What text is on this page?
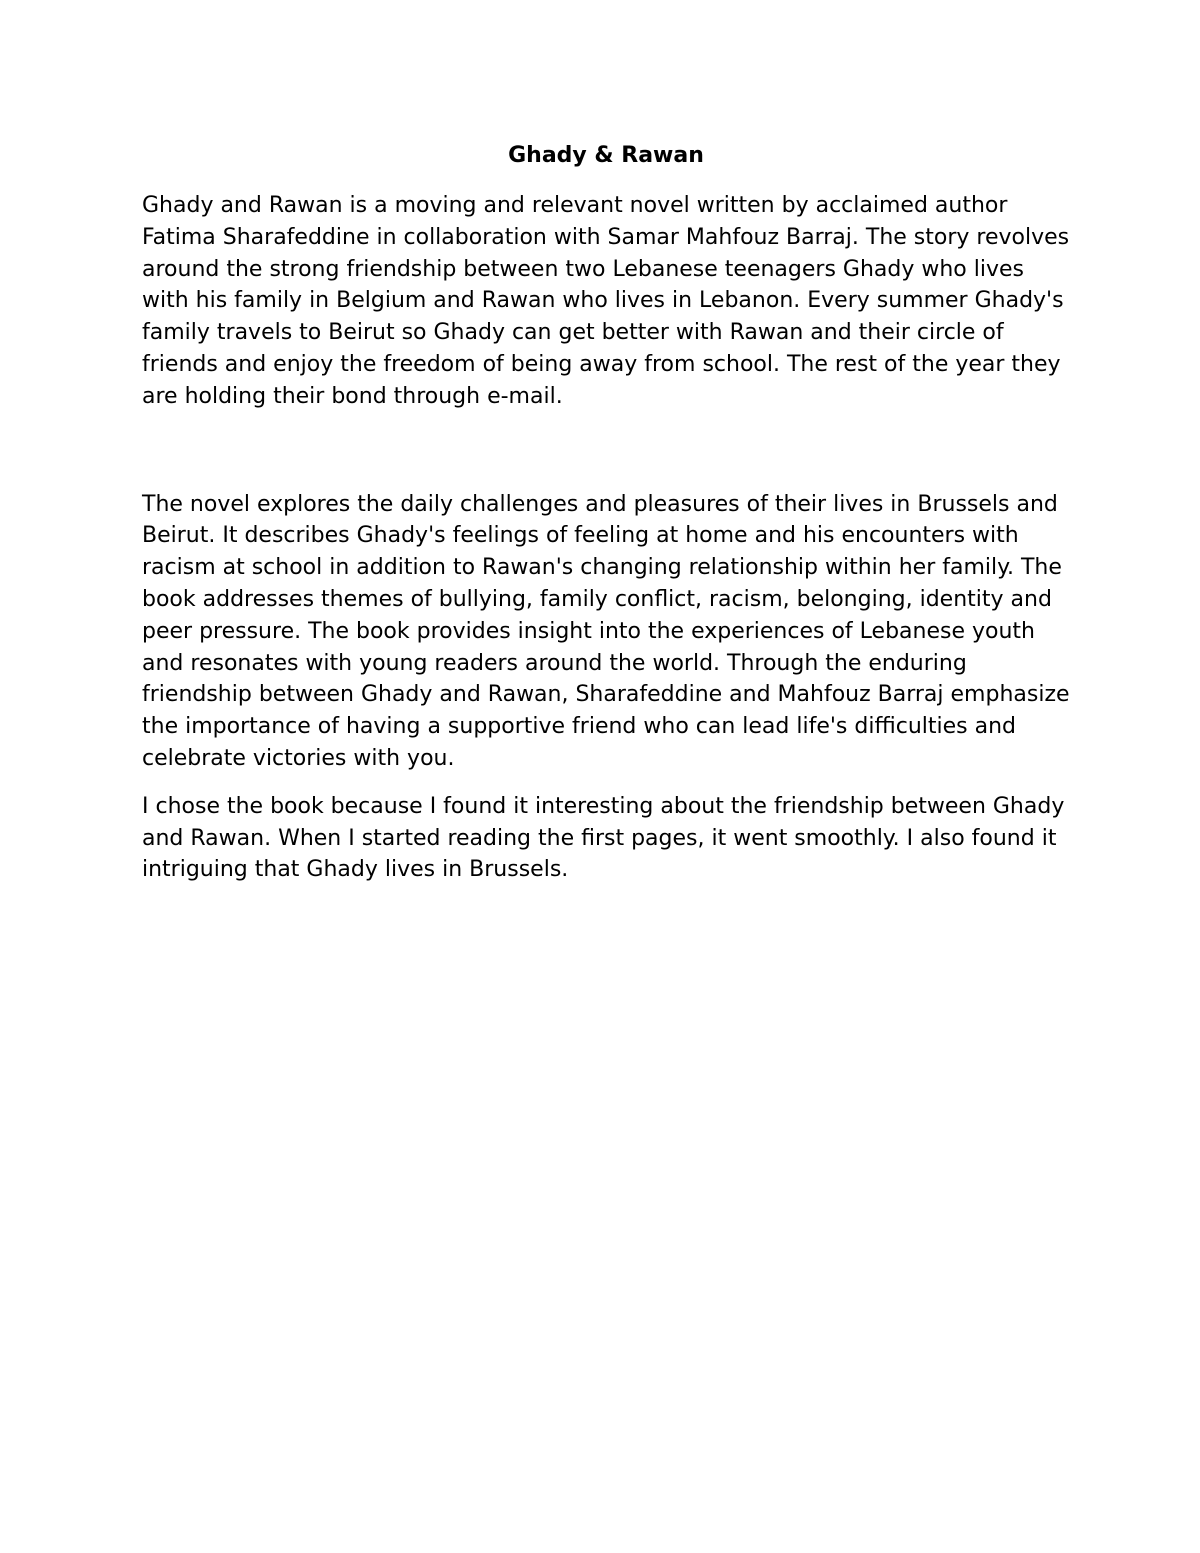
Ghady & Rawan

Ghady and Rawan is a moving and relevant novel written by acclaimed author Fatima Sharafeddine in collaboration with Samar Mahfouz Barraj. The story revolves around the strong friendship between two Lebanese teenagers Ghady who lives with his family in Belgium and Rawan who lives in Lebanon. Every summer Ghady's family travels to Beirut so Ghady can get better with Rawan and their circle of friends and enjoy the freedom of being away from school. The rest of the year they are holding their bond through e-mail.

The novel explores the daily challenges and pleasures of their lives in Brussels and Beirut. It describes Ghady's feelings of feeling at home and his encounters with racism at school in addition to Rawan's changing relationship within her family. The book addresses themes of bullying, family conflict, racism, belonging, identity and peer pressure. The book provides insight into the experiences of Lebanese youth and resonates with young readers around the world. Through the enduring friendship between Ghady and Rawan, Sharafeddine and Mahfouz Barraj emphasize the importance of having a supportive friend who can lead life's difficulties and celebrate victories with you.

I chose the book because I found it interesting about the friendship between Ghady and Rawan. When I started reading the first pages, it went smoothly. I also found it intriguing that Ghady lives in Brussels.
